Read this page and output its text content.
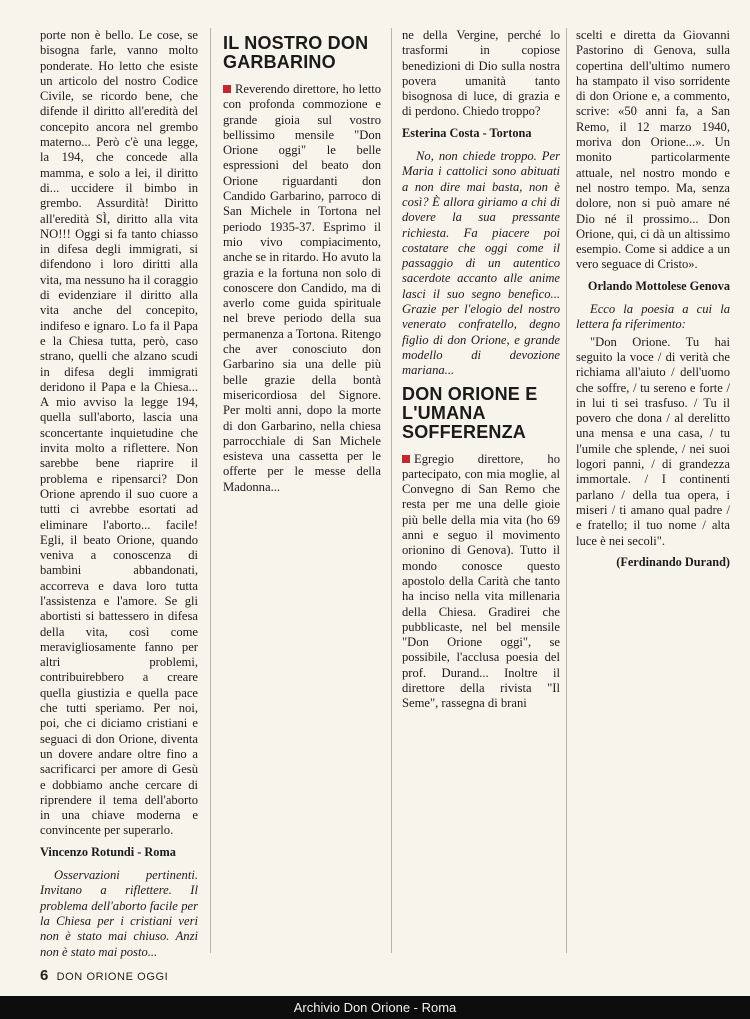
porte non è bello. Le cose, se bisogna farle, vanno molto ponderate. Ho letto che esiste un articolo del nostro Codice Civile, se ricordo bene, che difende il diritto all'eredità del concepito ancora nel grembo materno... Però c'è una legge, la 194, che concede alla mamma, e solo a lei, il diritto di... uccidere il bimbo in grembo. Assurdità! Diritto all'eredità SÌ, diritto alla vita NO!!! Oggi si fa tanto chiasso in difesa degli immigrati, si difendono i loro diritti alla vita, ma nessuno ha il coraggio di evidenziare il diritto alla vita anche del concepito, indifeso e ignaro. Lo fa il Papa e la Chiesa tutta, però, caso strano, quelli che alzano scudi in difesa degli immigrati deridono il Papa e la Chiesa... A mio avviso la legge 194, quella sull'aborto, lascia una sconcertante inquietudine che invita molto a riflettere. Non sarebbe bene riaprire il problema e ripensarci? Don Orione aprendo il suo cuore a tutti ci avrebbe esortati ad eliminare l'aborto... facile! Egli, il beato Orione, quando veniva a conoscenza di bambini abbandonati, accorreva e dava loro tutta l'assistenza e l'amore. Se gli abortisti si battessero in difesa della vita, così come meravigliosamente fanno per altri problemi, contribuirebbero a creare quella giustizia e quella pace che tutti speriamo. Per noi, poi, che ci diciamo cristiani e seguaci di don Orione, diventa un dovere andare oltre fino a sacrificarci per amore di Gesù e dobbiamo anche cercare di riprendere il tema dell'aborto in una chiave moderna e convincente per superarlo.

Vincenzo Rotundi - Roma

Osservazioni pertinenti. Invitano a riflettere. Il problema dell'aborto facile per la Chiesa per i cristiani veri non è stato mai chiuso. Anzi non è stato mai posto...

IL NOSTRO DON GARBARINO

Reverendo direttore, ho letto con profonda commozione e grande gioia sul vostro bellissimo mensile "Don Orione oggi" le belle espressioni del beato don Orione riguardanti don Candido Garbarino, parroco di San Michele in Tortona nel periodo 1935-37. Esprimo il mio vivo compiacimento, anche se in ritardo. Ho avuto la grazia e la fortuna non solo di conoscere don Candido, ma di averlo come guida spirituale nel breve periodo della sua permanenza a Tortona. Ritengo che aver conosciuto don Garbarino sia una delle più belle grazie della bontà misericordiosa del Signore. Per molti anni, dopo la morte di don Garbarino, nella chiesa parrocchiale di San Michele esisteva una cassetta per le offerte per le messe della Madonna...

ne della Vergine, perché lo trasformi in copiose benedizioni di Dio sulla nostra povera umanità tanto bisognosa di luce, di grazia e di perdono. Chiedo troppo?

Esterina Costa - Tortona

No, non chiede troppo. Per Maria i cattolici sono abituati a non dire mai basta, non è così? È allora giriamo a chi di dovere la sua pressante richiesta. Fa piacere poi costatare che oggi come il passaggio di un autentico sacerdote accanto alle anime lasci il suo segno benefico... Grazie per l'elogio del nostro venerato confratello, degno figlio di don Orione, e grande modello di devozione mariana...

DON ORIONE E L'UMANA SOFFERENZA

Egregio direttore, ho partecipato, con mia moglie, al Convegno di San Remo che resta per me una delle gioie più belle della mia vita (ho 69 anni e seguo il movimento orionino di Genova). Tutto il mondo conosce questo apostolo della Carità che tanto ha inciso nella vita millenaria della Chiesa. Gradirei che pubblicaste, nel bel mensile "Don Orione oggi", se possibile, l'acclusa poesia del prof. Durand... Inoltre il direttore della rivista "Il Seme", rassegna di brani

scelti e diretta da Giovanni Pastorino di Genova, sulla copertina dell'ultimo numero ha stampato il viso sorridente di don Orione e, a commento, scrive: «50 anni fa, a San Remo, il 12 marzo 1940, moriva don Orione...». Un monito particolarmente attuale, nel nostro mondo e nel nostro tempo. Ma, senza dolore, non si può amare né Dio né il prossimo... Don Orione, qui, ci dà un altissimo esempio. Come si addice a un vero seguace di Cristo».

Orlando Mottolese Genova

Ecco la poesia a cui la lettera fa riferimento:

"Don Orione. Tu hai seguito la voce / di verità che richiama all'aiuto / dell'uomo che soffre, / tu sereno e forte / in lui ti sei trasfuso. / Tu il povero che dona / al derelitto una mensa e una casa, / tu l'umile che splende, / nei suoi logori panni, / di grandezza immortale. / I continenti parlano / della tua opera, i miseri / ti amano qual padre / e fratello; il tuo nome / alta luce è nei secoli".

(Ferdinando Durand)

6 DON ORIONE OGGI
Archivio Don Orione - Roma
